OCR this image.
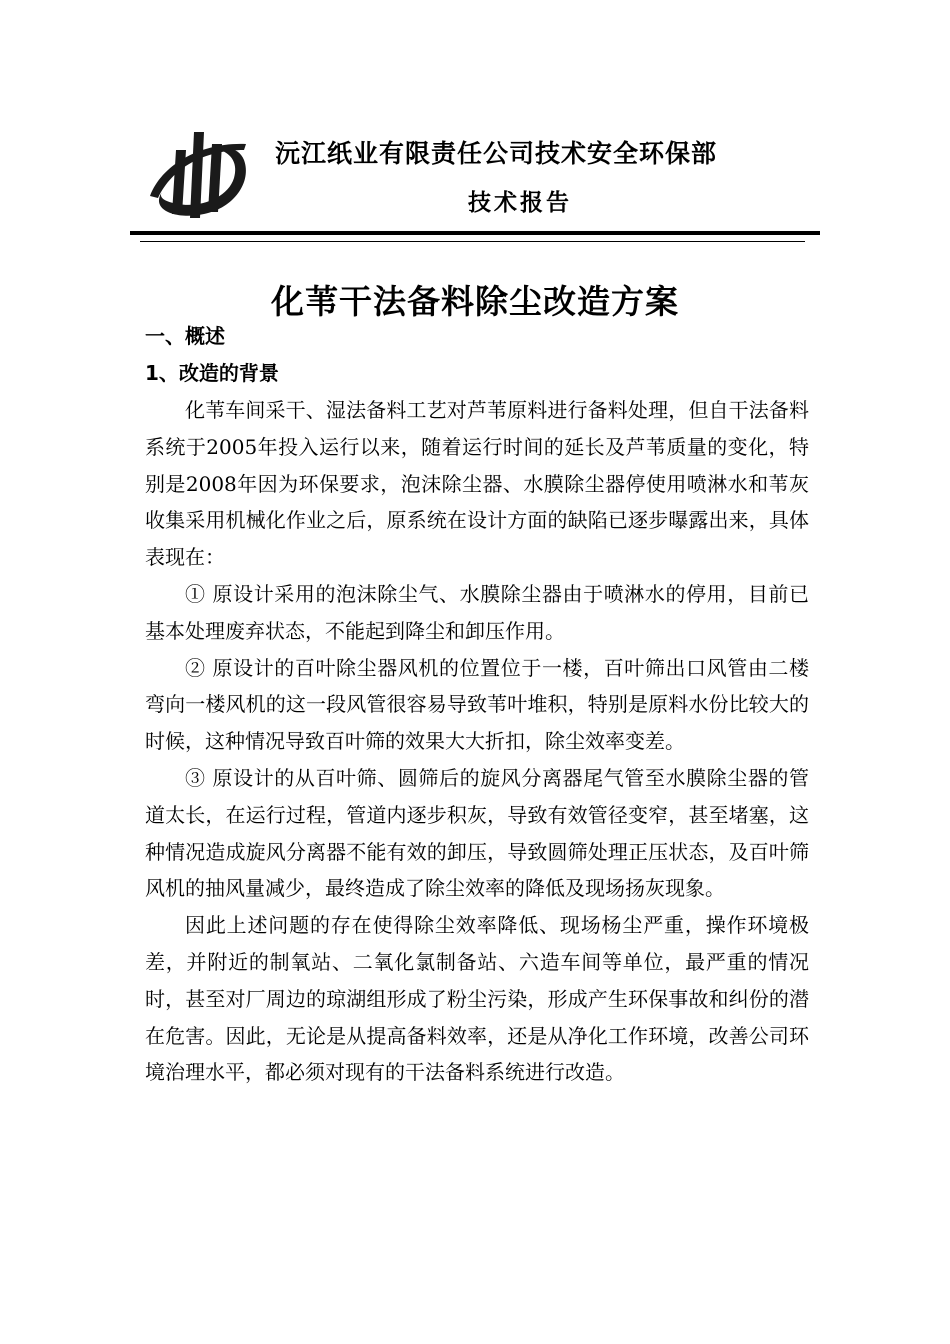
沅江纸业有限责任公司技术安全环保部
技术报告
化苇干法备料除尘改造方案
一、概述
1、改造的背景

化苇车间采干、湿法备料工艺对芦苇原料进行备料处理，但自干法备料系统于2005年投入运行以来，随着运行时间的延长及芦苇质量的变化，特别是2008年因为环保要求，泡沫除尘器、水膜除尘器停使用喷淋水和苇灰收集采用机械化作业之后，原系统在设计方面的缺陷已逐步曝露出来，具体表现在：

① 原设计采用的泡沫除尘气、水膜除尘器由于喷淋水的停用，目前已基本处理废弃状态，不能起到降尘和卸压作用。

② 原设计的百叶除尘器风机的位置位于一楼，百叶筛出口风管由二楼弯向一楼风机的这一段风管很容易导致苇叶堆积，特别是原料水份比较大的时候，这种情况导致百叶筛的效果大大折扣，除尘效率变差。

③ 原设计的从百叶筛、圆筛后的旋风分离器尾气管至水膜除尘器的管道太长，在运行过程，管道内逐步积灰，导致有效管径变窄，甚至堵塞，这种情况造成旋风分离器不能有效的卸压，导致圆筛处理正压状态，及百叶筛风机的抽风量减少，最终造成了除尘效率的降低及现场扬灰现象。

因此上述问题的存在使得除尘效率降低、现场杨尘严重，操作环境极差，并附近的制氧站、二氧化氯制备站、六造车间等单位，最严重的情况时，甚至对厂周边的琼湖组形成了粉尘污染，形成产生环保事故和纠份的潜在危害。因此，无论是从提高备料效率，还是从净化工作环境，改善公司环境治理水平，都必须对现有的干法备料系统进行改造。
